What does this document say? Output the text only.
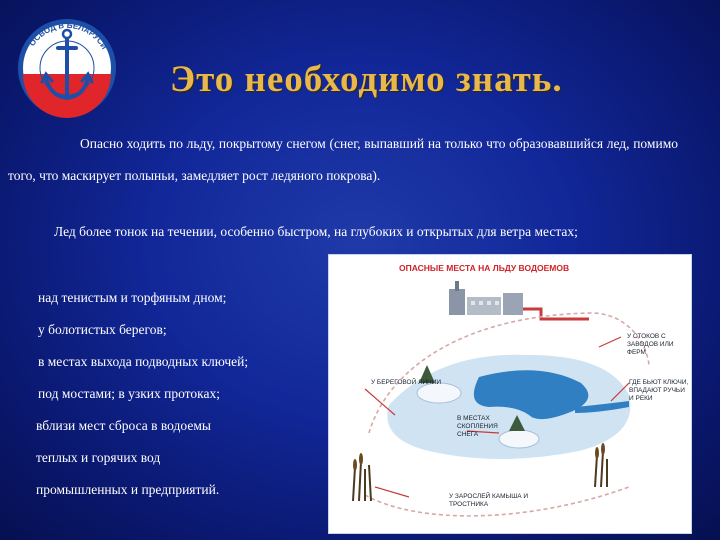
ОСВОД В БЕЛАРУСИ
Это необходимо знать.

Опасно ходить по льду, покрытому снегом (снег, выпавший на только что образовавшийся лед, помимо того, что маскирует полыньи, замедляет рост ледяного покрова).

Лед более тонок на течении, особенно быстром, на глубоких и открытых для ветра местах;

над тенистым и торфяным дном;
у болотистых берегов;
в местах выхода подводных ключей;
под мостами; в узких протоках;
вблизи мест сброса в водоемы
теплых и горячих вод
промышленных и предприятий.
ОПАСНЫЕ МЕСТА НА ЛЬДУ ВОДОЕМОВ
У СТОКОВ С ЗАВОДОВ ИЛИ ФЕРМ
У БЕРЕГОВОЙ ЛИНИИ	ГДЕ БЬЮТ КЛЮЧИ, ВПАДАЮТ РУЧЬИ И РЕКИ
В МЕСТАХ СКОПЛЕНИЯ СНЕГА
У ЗАРОСЛЕЙ КАМЫША И ТРОСТНИКА
